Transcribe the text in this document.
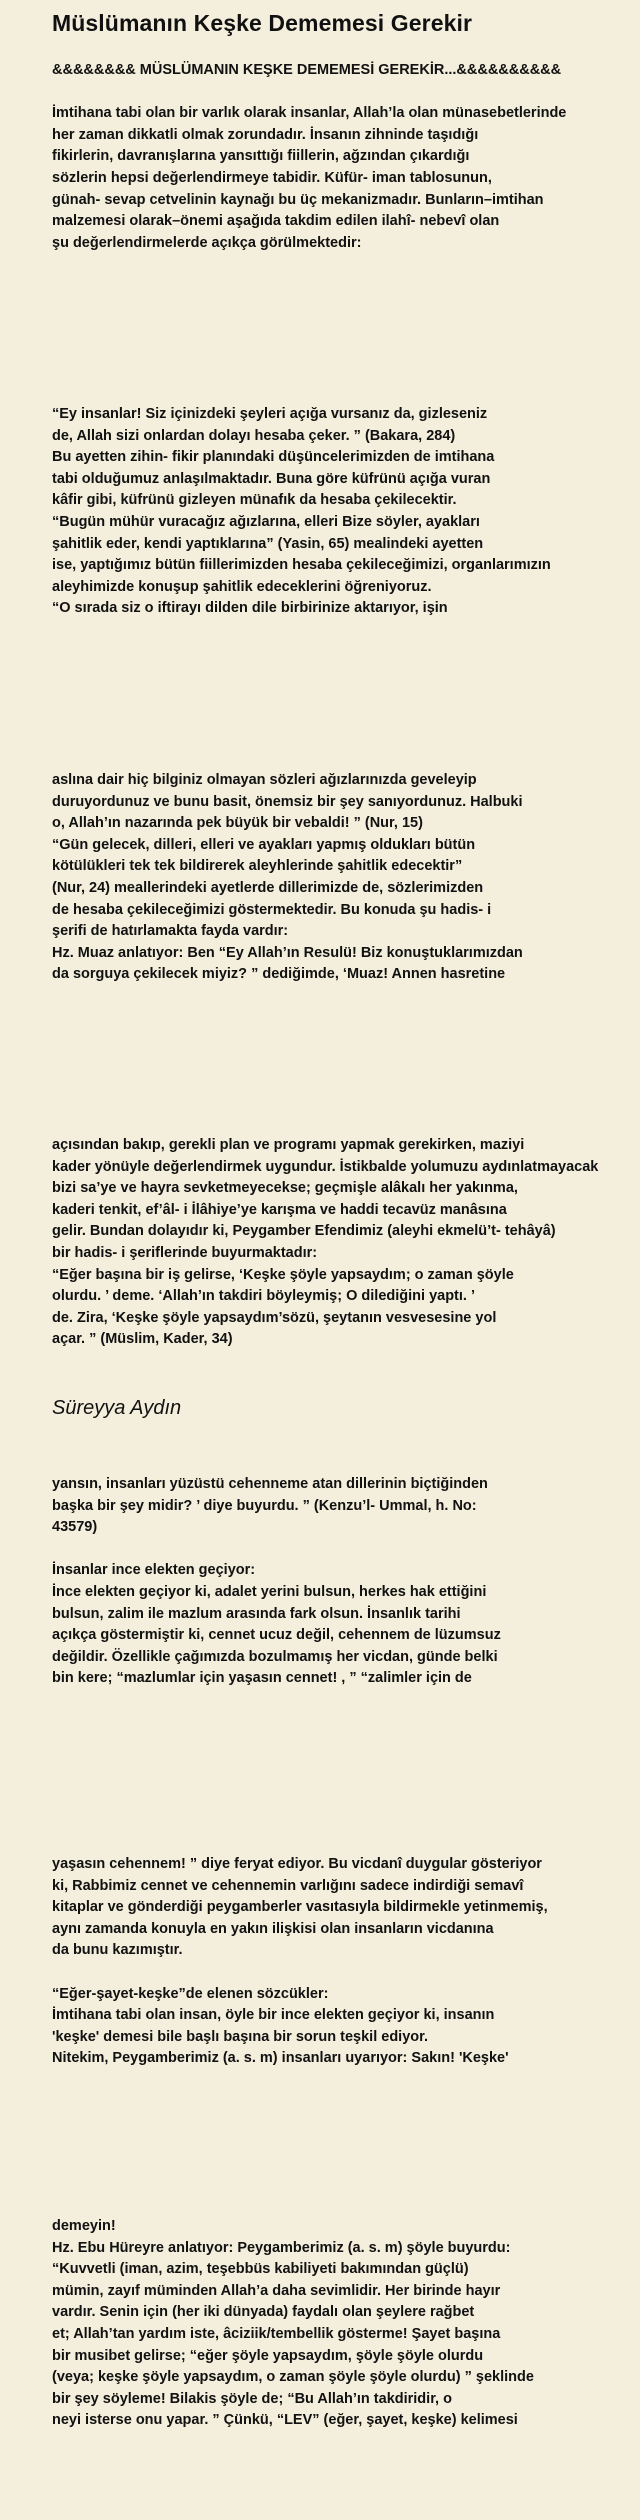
Müslümanın Keşke Dememesi Gerekir
&&&&&&&& MÜSLÜMANIN KEŞKE DEMEMESİ GEREKİR...&&&&&&&&&&
İmtihana tabi olan bir varlık olarak insanlar, Allah’la olan münasebetlerinde
her zaman dikkatli olmak zorundadır. İnsanın zihninde taşıdığı
fikirlerin, davranışlarına yansıttığı fiillerin, ağzından çıkardığı
sözlerin hepsi değerlendirmeye tabidir. Küfür- iman tablosunun,
günah- sevap cetvelinin kaynağı bu üç mekanizmadır. Bunların–imtihan
malzemesi olarak–önemi aşağıda takdim edilen ilahî- nebevî olan
şu değerlendirmelerde açıkça görülmektedir:
“Ey insanlar! Siz içinizdeki şeyleri açığa vursanız da, gizleseniz
de, Allah sizi onlardan dolayı hesaba çeker. ” (Bakara, 284)
Bu ayetten zihin- fikir planındaki düşüncelerimizden de imtihana
tabi olduğumuz anlaşılmaktadır. Buna göre küfrünü açığa vuran
kâfir gibi, küfrünü gizleyen münafık da hesaba çekilecektir.
“Bugün mühür vuracağız ağızlarına, elleri Bize söyler, ayakları
şahitlik eder, kendi yaptıklarına” (Yasin, 65) mealindeki ayetten
ise, yaptığımız bütün fiillerimizden hesaba çekileceğimizi, organlarımızın
aleyhimizde konuşup şahitlik edeceklerini öğreniyoruz.
“O sırada siz o iftirayı dilden dile birbirinize aktarıyor, işin
aslına dair hiç bilginiz olmayan sözleri ağızlarınızda geveleyip
duruyordunuz ve bunu basit, önemsiz bir şey sanıyordunuz. Halbuki
o, Allah’ın nazarında pek büyük bir vebaldi! ” (Nur, 15)
“Gün gelecek, dilleri, elleri ve ayakları yapmış oldukları bütün
kötülükleri tek tek bildirerek aleyhlerinde şahitlik edecektir”
(Nur, 24) meallerindeki ayetlerde dillerimizde de, sözlerimizden
de hesaba çekileceğimizi göstermektedir. Bu konuda şu hadis- i
şerifi de hatırlamakta fayda vardır:
Hz. Muaz anlatıyor: Ben “Ey Allah’ın Resulü! Biz konuştuklarımızdan
da sorguya çekilecek miyiz? ” dediğimde, ‘Muaz! Annen hasretine
açısından bakıp, gerekli plan ve programı yapmak gerekirken, maziyi
kader yönüyle değerlendirmek uygundur. İstikbalde yolumuzu aydınlatmayacak
bizi sa’ye ve hayra sevketmeyecekse; geçmişle alâkalı her yakınma,
kaderi tenkit, ef’âl- i İlâhiye’ye karışma ve haddi tecavüz manâsına
gelir. Bundan dolayıdır ki, Peygamber Efendimiz (aleyhi ekmelü’t- tehâyâ)
bir hadis- i şeriflerinde buyurmaktadır:
“Eğer başına bir iş gelirse, ‘Keşke şöyle yapsaydım; o zaman şöyle
olurdu. ’ deme. ‘Allah’ın takdiri böyleymiş; O dilediğini yaptı. ’
de. Zira, ‘Keşke şöyle yapsaydım’sözü, şeytanın vesvesesine yol
açar. ” (Müslim, Kader, 34)
Süreyya Aydın
yansın, insanları yüzüstü cehenneme atan dillerinin biçtiğinden
başka bir şey midir? ’ diye buyurdu. ” (Kenzu’l- Ummal, h. No:
43579)
İnsanlar ince elekten geçiyor:
İnce elekten geçiyor ki, adalet yerini bulsun, herkes hak ettiğini
bulsun, zalim ile mazlum arasında fark olsun. İnsanlık tarihi
açıkça göstermiştir ki, cennet ucuz değil, cehennem de lüzumsuz
değildir. Özellikle çağımızda bozulmamış her vicdan, günde belki
bin kere; “mazlumlar için yaşasın cennet! , ” “zalimler için de
yaşasın cehennem! ” diye feryat ediyor. Bu vicdanî duygular gösteriyor
ki, Rabbimiz cennet ve cehennemin varlığını sadece indirdiği semavî
kitaplar ve gönderdiği peygamberler vasıtasıyla bildirmekle yetinmemiş,
aynı zamanda konuyla en yakın ilişkisi olan insanların vicdanına
da bunu kazımıştır.
“Eğer-şayet-keşke”de elenen sözcükler:
İmtihana tabi olan insan, öyle bir ince elekten geçiyor ki, insanın
'keşke' demesi bile başlı başına bir sorun teşkil ediyor.
Nitekim, Peygamberimiz (a. s. m) insanları uyarıyor: Sakın! 'Keşke'
demeyin!
Hz. Ebu Hüreyre anlatıyor: Peygamberimiz (a. s. m) şöyle buyurdu:
“Kuvvetli (iman, azim, teşebbüs kabiliyeti bakımından güçlü)
mümin, zayıf müminden Allah’a daha sevimlidir. Her birinde hayır
vardır. Senin için (her iki dünyada) faydalı olan şeylere rağbet
et; Allah’tan yardım iste, âciziik/tembellik gösterme! Şayet başına
bir musibet gelirse; “eğer şöyle yapsaydım, şöyle şöyle olurdu
(veya; keşke şöyle yapsaydım, o zaman şöyle şöyle olurdu) ” şeklinde
bir şey söyleme! Bilakis şöyle de; “Bu Allah’ın takdiridir, o
neyi isterse onu yapar. ” Çünkü, “LEV” (eğer, şayet, keşke) kelimesi
